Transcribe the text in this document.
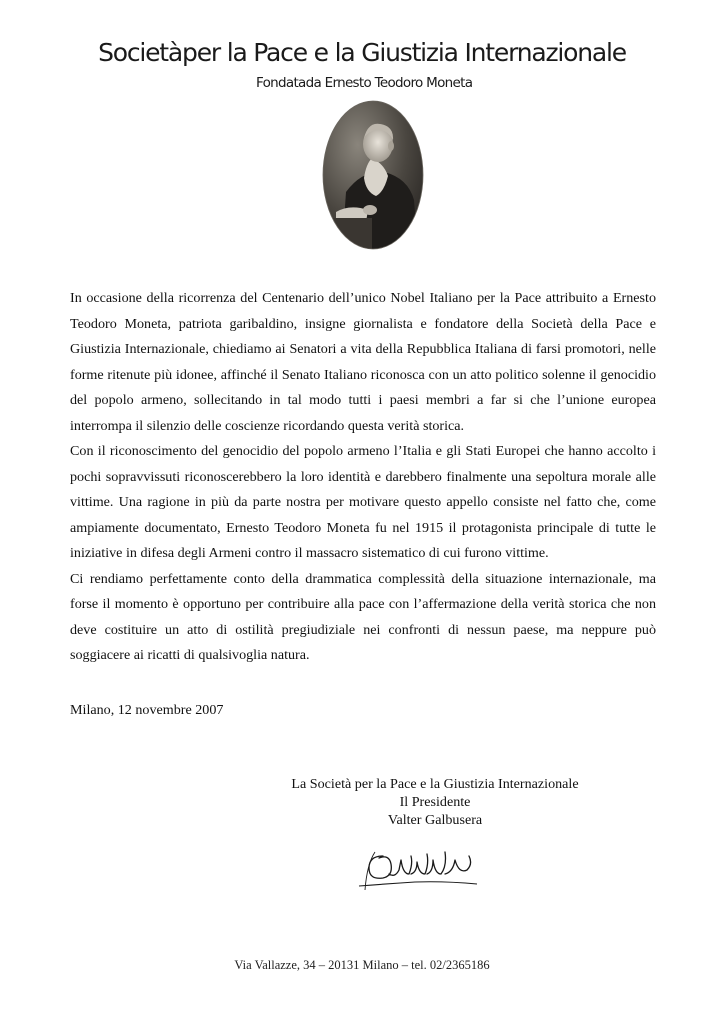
Societàper la Pace e la Giustizia Internazionale
Fondatada Ernesto Teodoro Moneta

In occasione della ricorrenza del Centenario dell’unico Nobel Italiano per la Pace attribuito a Ernesto Teodoro Moneta, patriota garibaldino, insigne giornalista e fondatore della Società della Pace e Giustizia Internazionale, chiediamo ai Senatori a vita della Repubblica Italiana di farsi promotori, nelle forme ritenute più idonee, affinché il Senato Italiano riconosca con un atto politico solenne il genocidio del popolo armeno, sollecitando in tal modo tutti i paesi membri a far si che l’unione europea interrompa il silenzio delle coscienze ricordando questa verità storica.

Con il riconoscimento del genocidio del popolo armeno l’Italia e gli Stati Europei che hanno accolto i pochi sopravvissuti riconoscerebbero la loro identità e darebbero finalmente una sepoltura morale alle vittime. Una ragione in più da parte nostra per motivare questo appello consiste nel fatto che, come ampiamente documentato, Ernesto Teodoro Moneta fu nel 1915 il protagonista principale di tutte le iniziative in difesa degli Armeni contro il massacro sistematico di cui furono vittime.

Ci rendiamo perfettamente conto della drammatica complessità della situazione internazionale, ma forse il momento è opportuno per contribuire alla pace con l’affermazione della verità storica che non deve costituire un atto di ostilità pregiudiziale nei confronti di nessun paese, ma neppure può soggiacere ai ricatti di qualsivoglia natura.

Milano, 12 novembre 2007
La Società per la Pace e la Giustizia Internazionale
Il Presidente
Valter Galbusera
Via Vallazze, 34 – 20131 Milano – tel. 02/2365186
